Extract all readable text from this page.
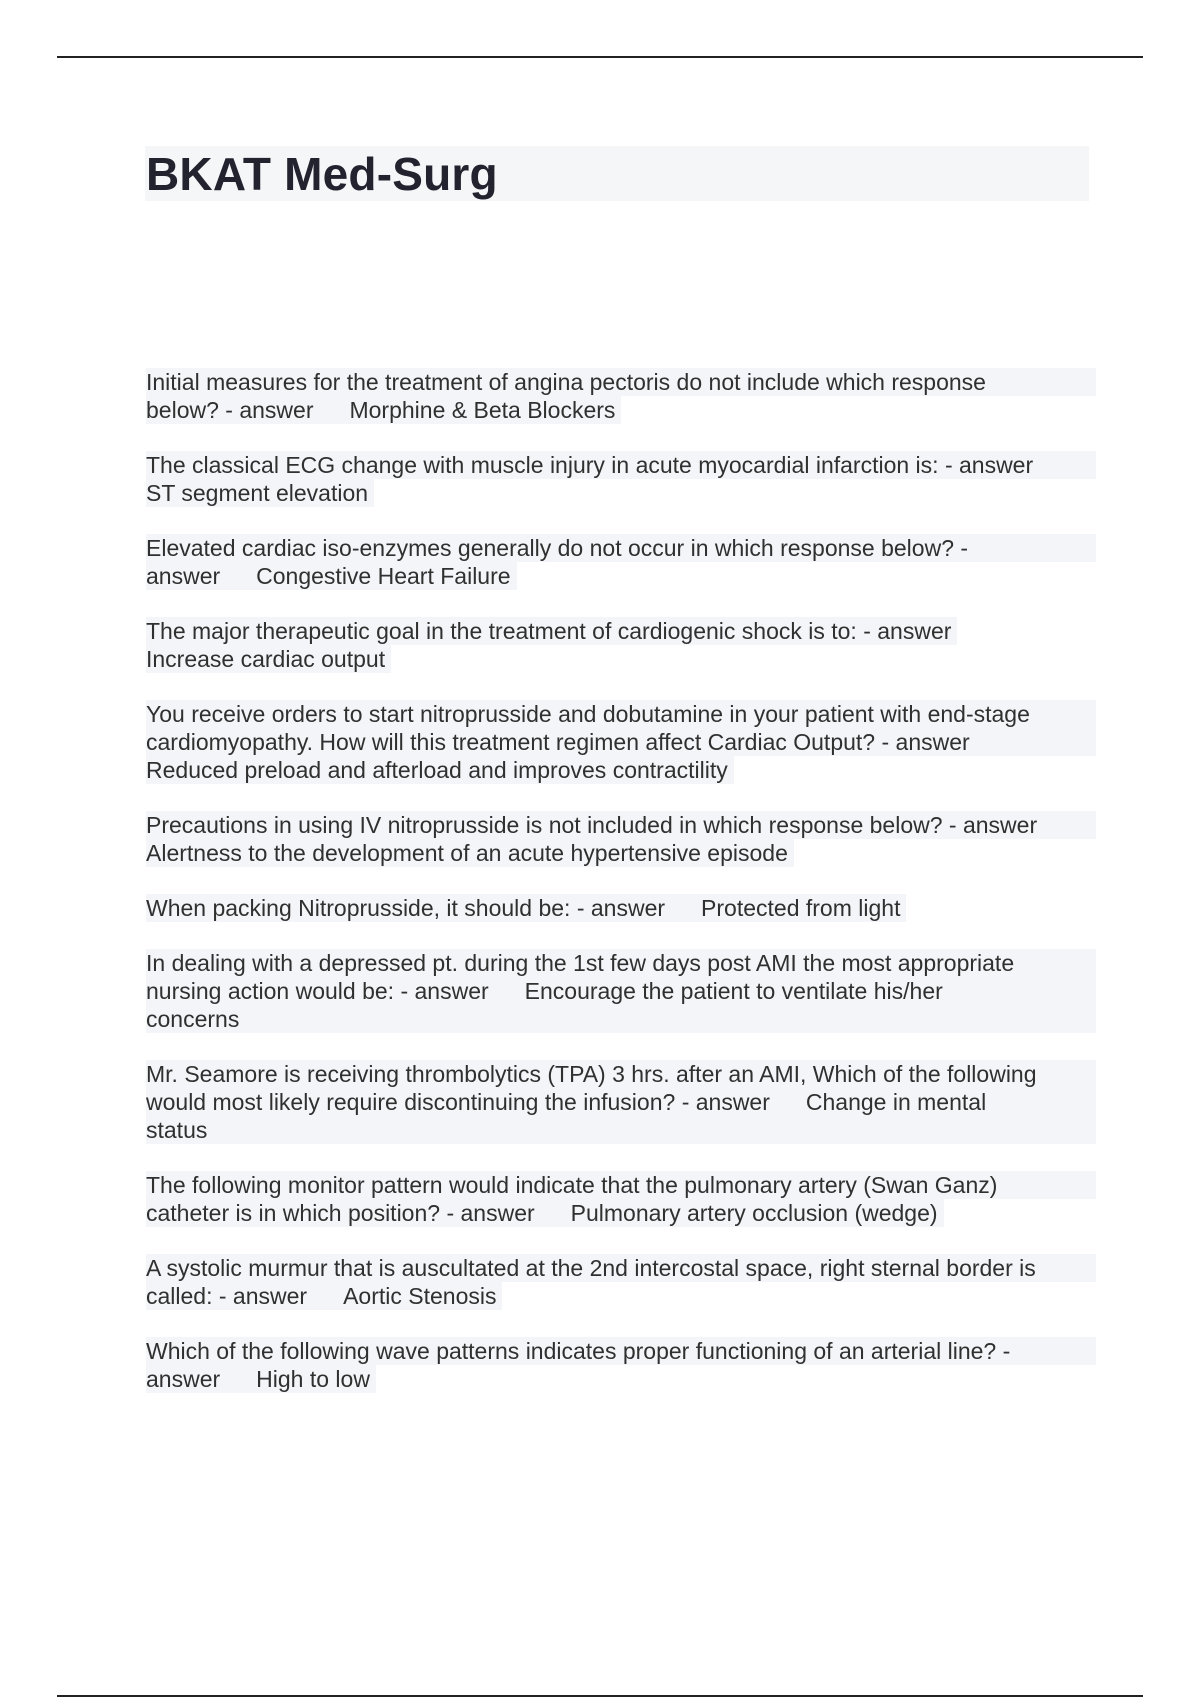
BKAT Med-Surg

Initial measures for the treatment of angina pectoris do not include which response
below? - answer Morphine & Beta Blockers

The classical ECG change with muscle injury in acute myocardial infarction is: - answer
ST segment elevation

Elevated cardiac iso-enzymes generally do not occur in which response below? -
answer Congestive Heart Failure

The major therapeutic goal in the treatment of cardiogenic shock is to: - answer
Increase cardiac output

You receive orders to start nitroprusside and dobutamine in your patient with end-stage
cardiomyopathy. How will this treatment regimen affect Cardiac Output? - answer
Reduced preload and afterload and improves contractility

Precautions in using IV nitroprusside is not included in which response below? - answer
Alertness to the development of an acute hypertensive episode

When packing Nitroprusside, it should be: - answer Protected from light

In dealing with a depressed pt. during the 1st few days post AMI the most appropriate
nursing action would be: - answer Encourage the patient to ventilate his/her
concerns

Mr. Seamore is receiving thrombolytics (TPA) 3 hrs. after an AMI, Which of the following
would most likely require discontinuing the infusion? - answer Change in mental
status

The following monitor pattern would indicate that the pulmonary artery (Swan Ganz)
catheter is in which position? - answer Pulmonary artery occlusion (wedge)

A systolic murmur that is auscultated at the 2nd intercostal space, right sternal border is
called: - answer Aortic Stenosis

Which of the following wave patterns indicates proper functioning of an arterial line? -
answer High to low
